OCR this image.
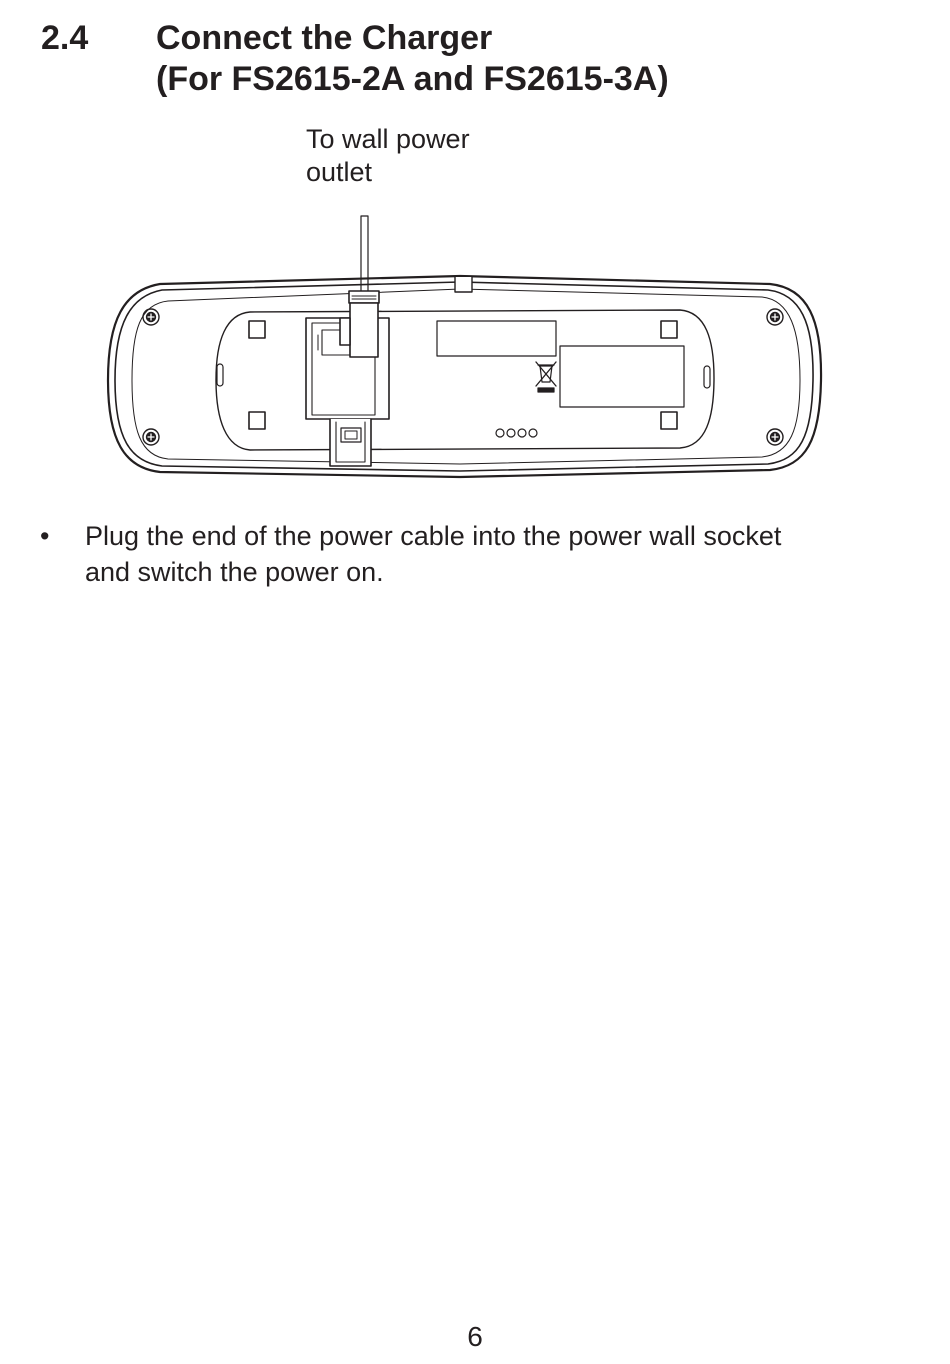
2.4 Connect the Charger
(For FS2615-2A and FS2615-3A)
To wall power
outlet
• Plug the end of the power cable into the power wall socket
and switch the power on.
6
